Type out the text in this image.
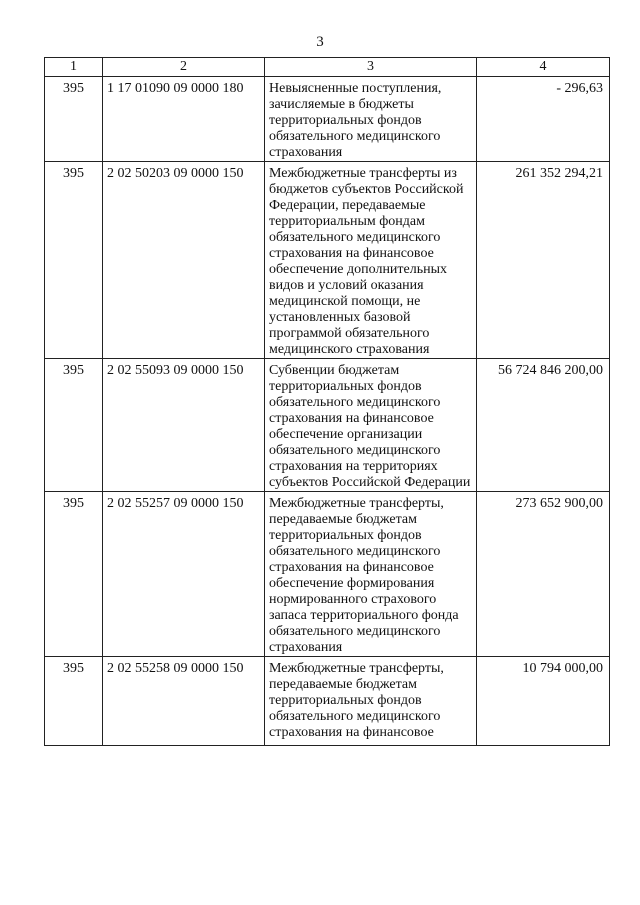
3
1	2	3	4
395	1 17 01090 09 0000 180	Невыясненные поступления, зачисляемые в бюджеты территориальных фондов обязательного медицинского страхования	- 296,63
395	2 02 50203 09 0000 150	Межбюджетные трансферты из бюджетов субъектов Российской Федерации, передаваемые территориальным фондам обязательного медицинского страхования на финансовое обеспечение дополнительных видов и условий оказания медицинской помощи, не установленных базовой программой обязательного медицинского страхования	261 352 294,21
395	2 02 55093 09 0000 150	Субвенции бюджетам территориальных фондов обязательного медицинского страхования на финансовое обеспечение организации обязательного медицинского страхования на территориях субъектов Российской Федерации	56 724 846 200,00
395	2 02 55257 09 0000 150	Межбюджетные трансферты, передаваемые бюджетам территориальных фондов обязательного медицинского страхования на финансовое обеспечение формирования нормированного страхового запаса территориального фонда обязательного медицинского страхования	273 652 900,00
395	2 02 55258 09 0000 150	Межбюджетные трансферты, передаваемые бюджетам территориальных фондов обязательного медицинского страхования на финансовое	10 794 000,00
